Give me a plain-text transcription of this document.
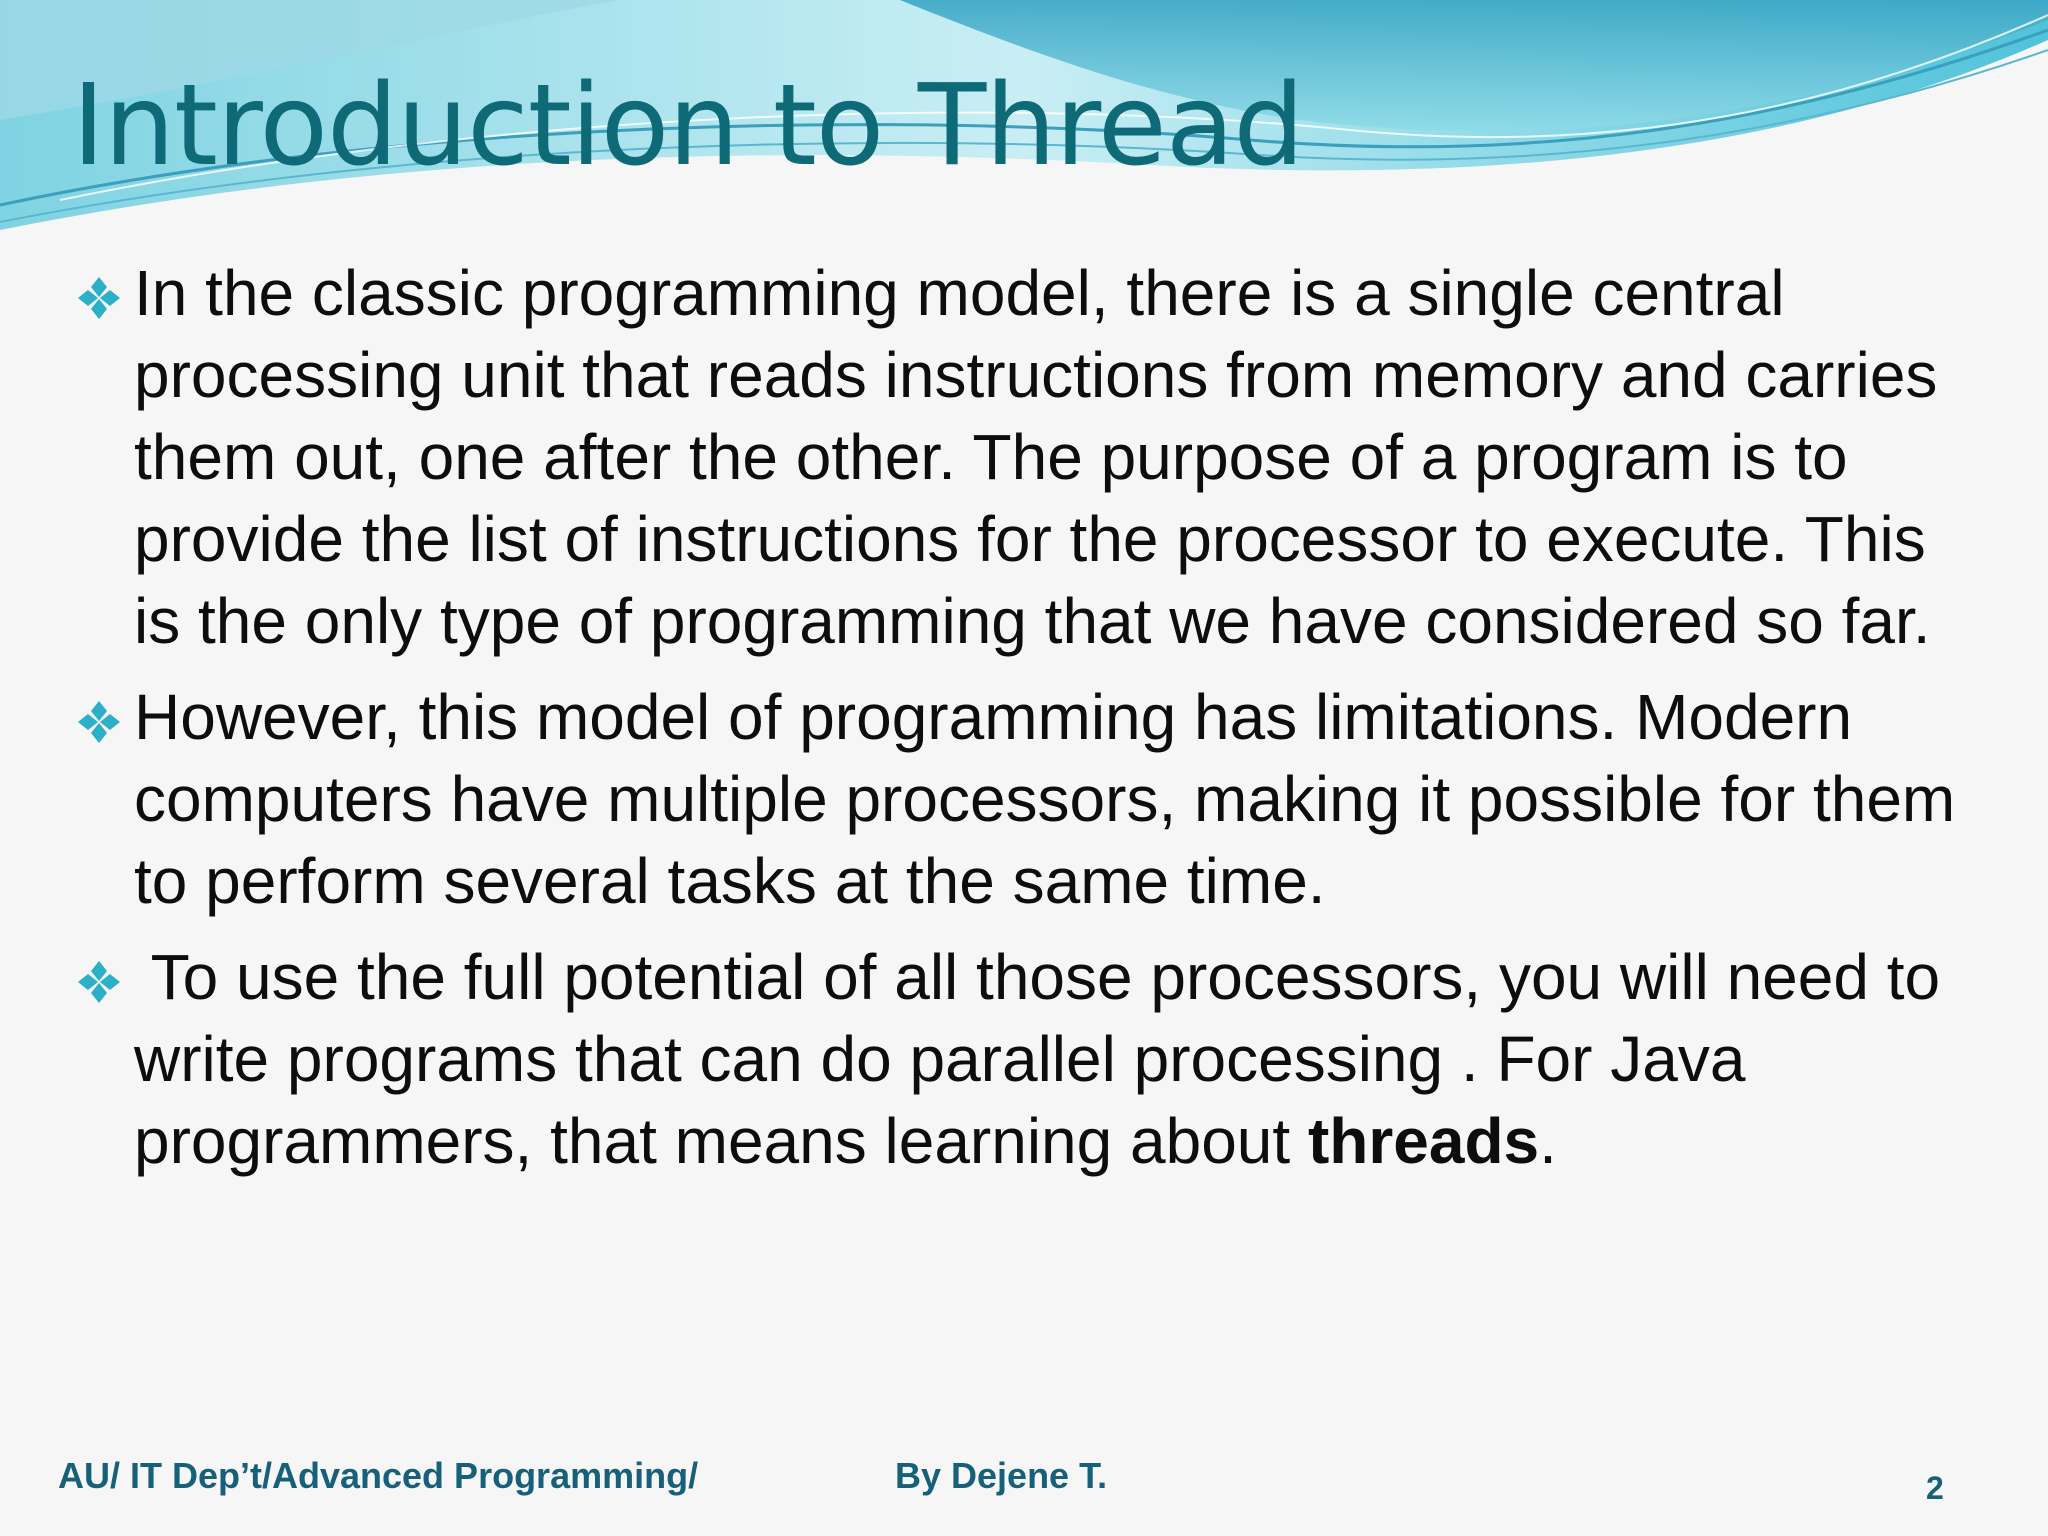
Introduction to Thread

In the classic programming model, there is a single central processing unit that reads instructions from memory and carries them out, one after the other. The purpose of a program is to provide the list of instructions for the processor to execute. This is the only type of programming that we have considered so far.

However, this model of programming has limitations. Modern computers have multiple processors, making it possible for them to perform several tasks at the same time.

To use the full potential of all those processors, you will need to write programs that can do parallel processing . For Java programmers, that means learning about threads.

AU/ IT Dep’t/Advanced Programming/	By Dejene T.	2
